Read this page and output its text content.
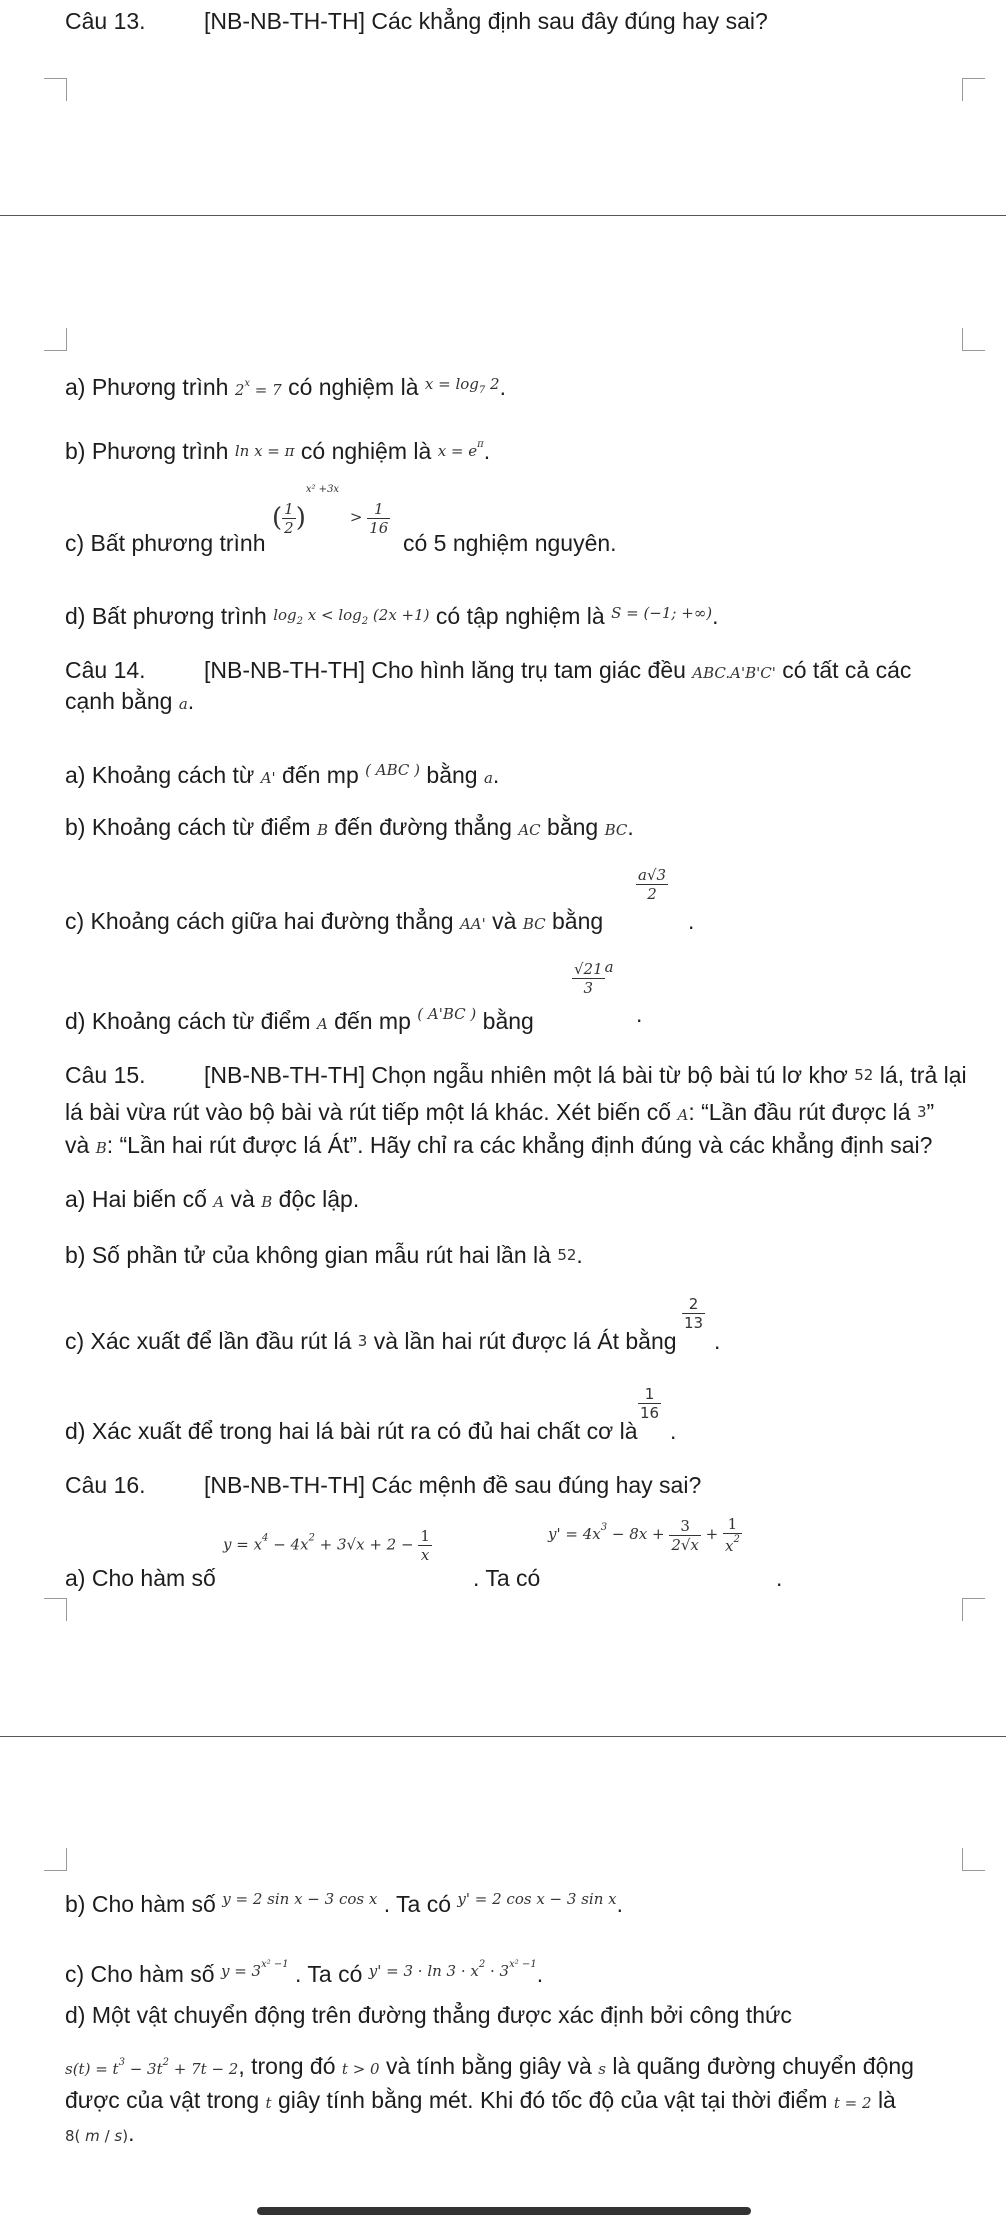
Câu 13.	[NB-NB-TH-TH] Các khẳng định sau đây đúng hay sai?
a) Phương trình $2^x = 7$ có nghiệm là $^{x = log_7 2}$.
b) Phương trình ln x = π có nghiệm là $x = e^\pi$.
c) Bất phương trình
( $\frac{1}{2} )^{x^2 +3x} > \frac{1}{16}$
có 5 nghiệm nguyên.
d) Bất phương trình $\log_2 x < \log_2 (2x +1)$ có tập nghiệm là $^{S = (-1; +\infty)}$.
Câu 14.	[NB-NB-TH-TH] Cho hình lăng trụ tam giác đều ABC.A'B'C' có tất cả các
cạnh bằng a.
a) Khoảng cách từ A' đến mp $^{( ABC )}$ bằng a.
b) Khoảng cách từ điểm B đến đường thẳng AC bằng BC.
c) Khoảng cách giữa hai đường thẳng AA' và BC bằng
$\frac{a√3}{2}$
.
d) Khoảng cách từ điểm A đến mp $^{( A'BC )}$ bằng
$\frac{√21}{3}$ a
.
Câu 15.	[NB-NB-TH-TH] Chọn ngẫu nhiên một lá bài từ bộ bài tú lơ khơ 52 lá, trả lại
lá bài vừa rút vào bộ bài và rút tiếp một lá khác. Xét biến cố A: “Lần đầu rút được lá 3”
và B: “Lần hai rút được lá Át”. Hãy chỉ ra các khẳng định đúng và các khẳng định sai?
a) Hai biến cố A và B độc lập.
b) Số phần tử của không gian mẫu rút hai lần là 52.
c) Xác xuất để lần đầu rút lá 3 và lần hai rút được lá Át bằng
$\frac{2}{13}$
.
d) Xác xuất để trong hai lá bài rút ra có đủ hai chất cơ là
$\frac{1}{16}$
.
Câu 16.	[NB-NB-TH-TH] Các mệnh đề sau đúng hay sai?
a) Cho hàm số
$y = x^4 - 4x^2 + 3√x + 2 - \frac{1}{x}$
. Ta có
$y' = 4x^3 - 8x + \frac{3}{2√x} + \frac{1}{x^2}$
.
b) Cho hàm số $^{y = 2 sin x - 3 cos x}$ . Ta có $^{y' = 2 cos x - 3 sin x}$.
c) Cho hàm số $^{y = 3^{x^2 -1}}$ . Ta có $^{y' = 3 \cdot ln 3 \cdot x^2 \cdot 3^{x^2 -1}}$.
d) Một vật chuyển động trên đường thẳng được xác định bởi công thức
$s(t) = t^3 - 3t^2 + 7t - 2$, trong đó t > 0 và tính bằng giây và s là quãng đường chuyển động
được của vật trong t giây tính bằng mét. Khi đó tốc độ của vật tại thời điểm t = 2 là
8( m / s).
